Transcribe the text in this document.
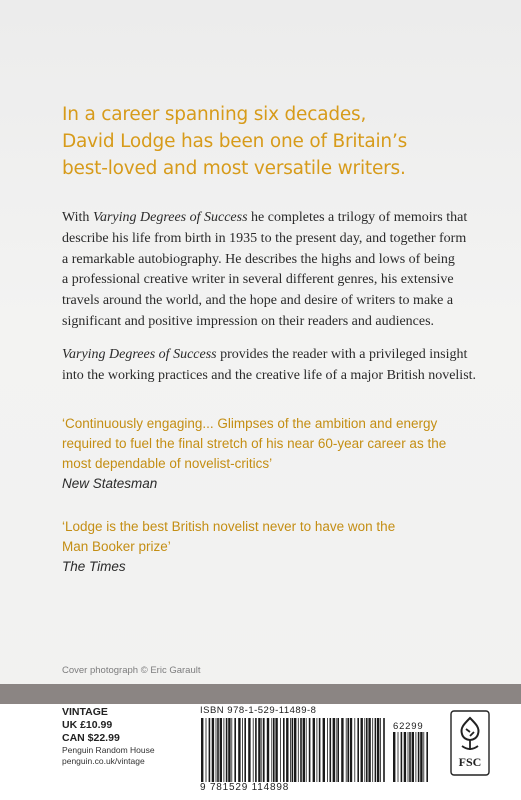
In a career spanning six decades,
David Lodge has been one of Britain’s
best-loved and most versatile writers.

With Varying Degrees of Success he completes a trilogy of memoirs that
describe his life from birth in 1935 to the present day, and together form
a remarkable autobiography. He describes the highs and lows of being
a professional creative writer in several different genres, his extensive
travels around the world, and the hope and desire of writers to make a
significant and positive impression on their readers and audiences.

Varying Degrees of Success provides the reader with a privileged insight
into the working practices and the creative life of a major British novelist.

‘Continuously engaging... Glimpses of the ambition and energy
required to fuel the final stretch of his near 60-year career as the
most dependable of novelist-critics’
New Statesman
‘Lodge is the best British novelist never to have won the
Man Booker prize’
The Times
Cover photograph © Eric Garault
VINTAGE
UK £10.99
CAN $22.99
Penguin Random House
penguin.co.uk/vintage
ISBN 978-1-529-11489-8
9 781529 114898
62299
FSC
